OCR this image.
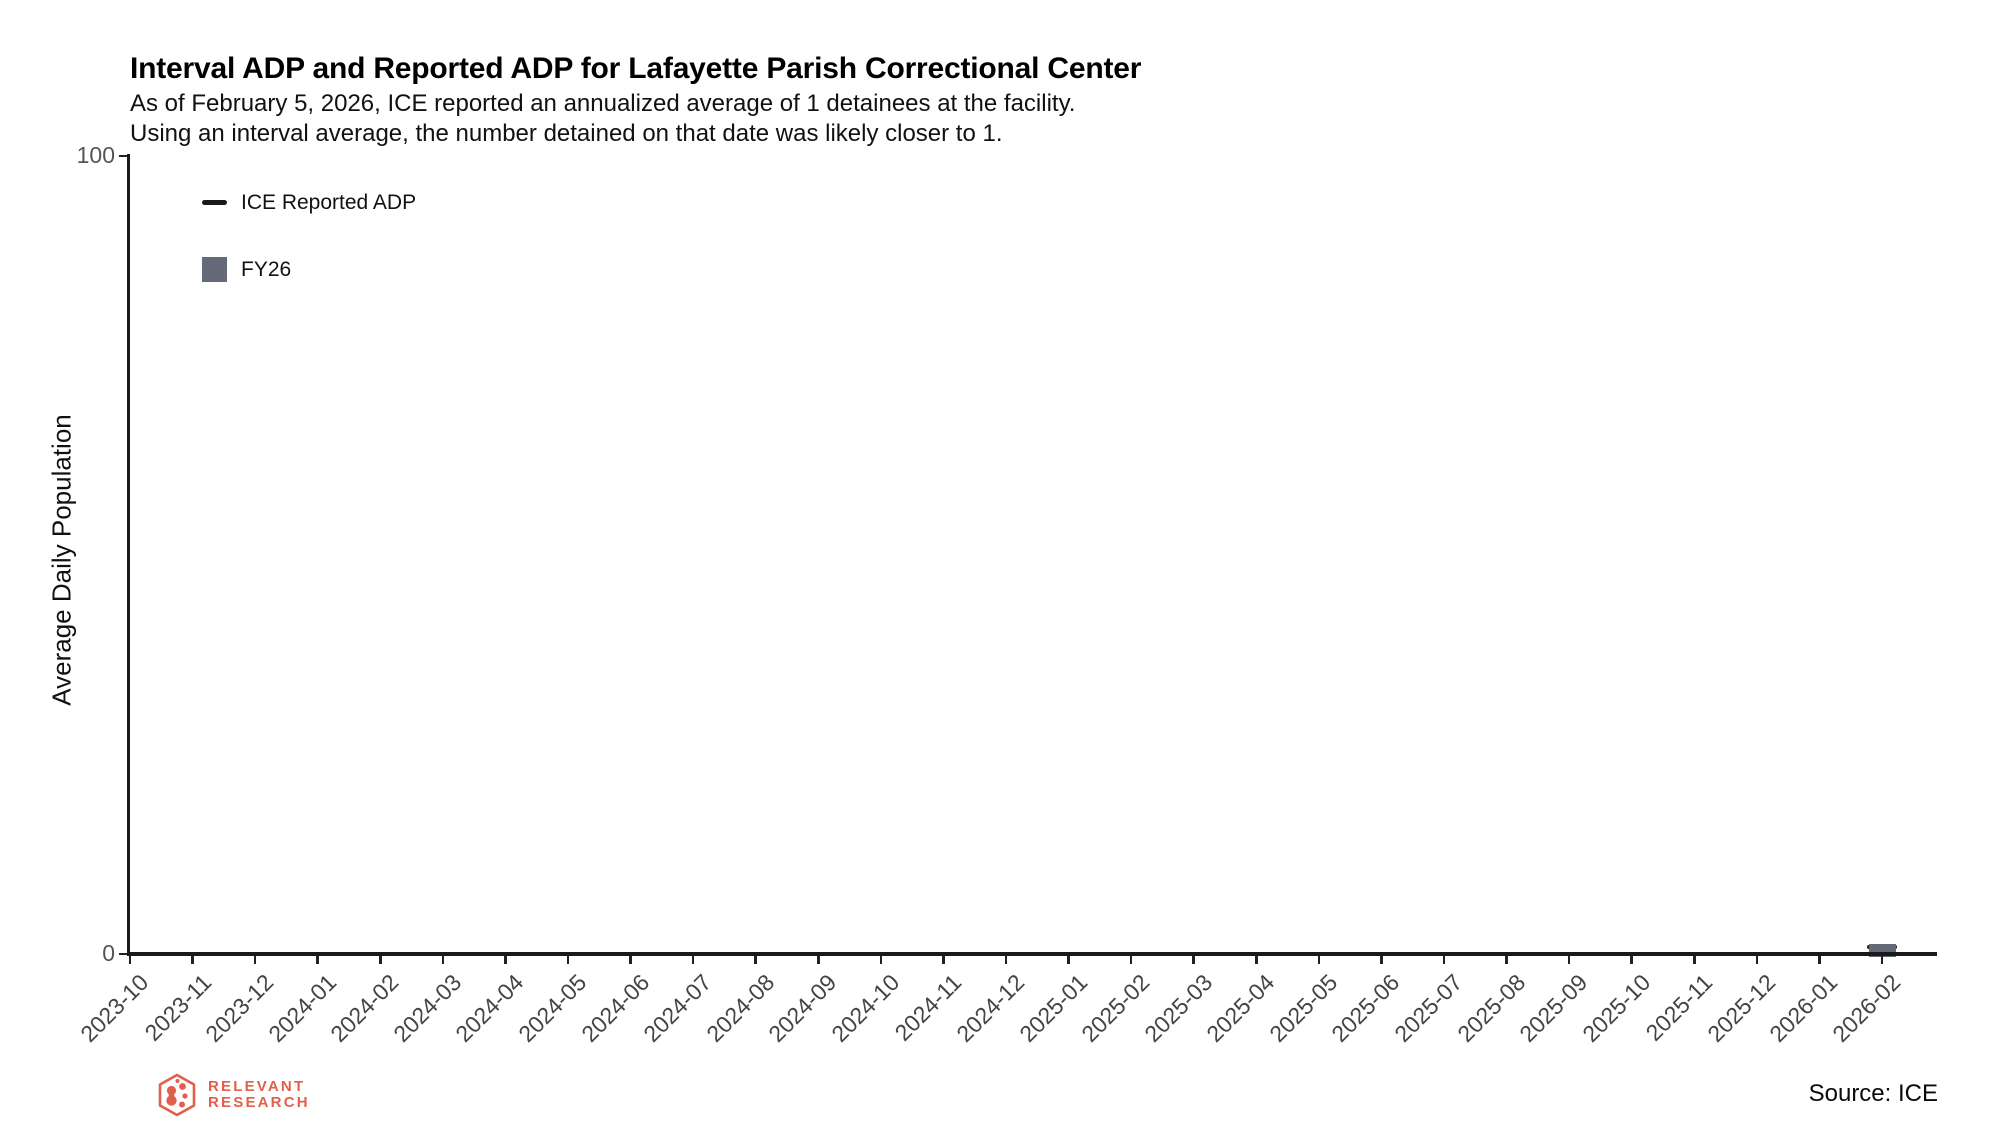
Interval ADP and Reported ADP for Lafayette Parish Correctional Center
As of February 5, 2026, ICE reported an annualized average of 1 detainees at the facility.
Using an interval average, the number detained on that date was likely closer to 1.
ICE Reported ADP
FY26
Average Daily Population
0
100
2023-10
2023-11
2023-12
2024-01
2024-02
2024-03
2024-04
2024-05
2024-06
2024-07
2024-08
2024-09
2024-10
2024-11
2024-12
2025-01
2025-02
2025-03
2025-04
2025-05
2025-06
2025-07
2025-08
2025-09
2025-10
2025-11
2025-12
2026-01
2026-02
RELEVANT
RESEARCH	Source: ICE
